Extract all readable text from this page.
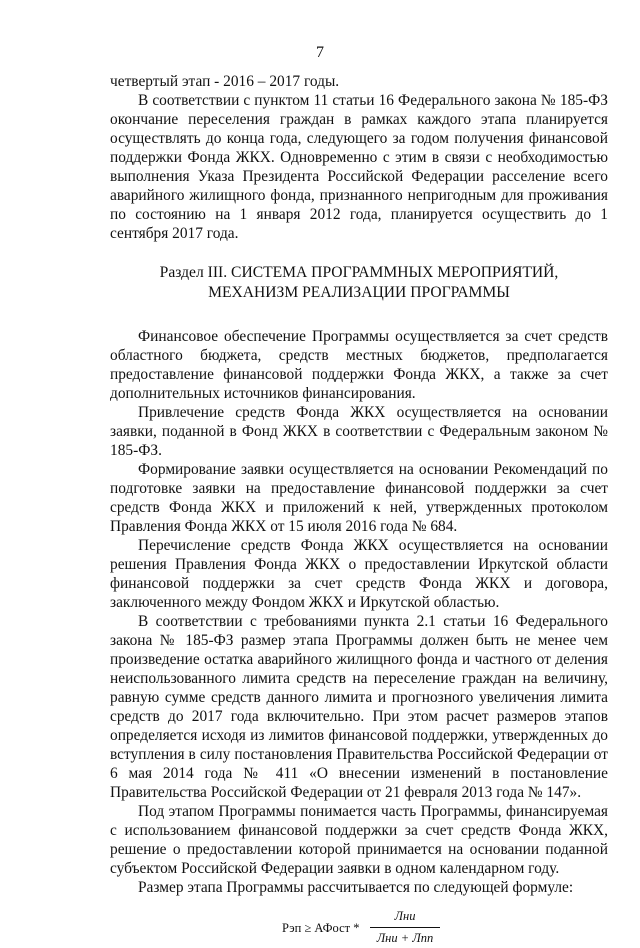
7

четвертый этап - 2016 – 2017 годы.

В соответствии с пунктом 11 статьи 16 Федерального закона № 185-ФЗ окончание переселения граждан в рамках каждого этапа планируется осуществлять до конца года, следующего за годом получения финансовой поддержки Фонда ЖКХ. Одновременно с этим в связи с необходимостью выполнения Указа Президента Российской Федерации расселение всего аварийного жилищного фонда, признанного непригодным для проживания по состоянию на 1 января 2012 года, планируется осуществить до 1 сентября 2017 года.

Раздел III. СИСТЕМА ПРОГРАММНЫХ МЕРОПРИЯТИЙ, МЕХАНИЗМ РЕАЛИЗАЦИИ ПРОГРАММЫ

Финансовое обеспечение Программы осуществляется за счет средств областного бюджета, средств местных бюджетов, предполагается предоставление финансовой поддержки Фонда ЖКХ, а также за счет дополнительных источников финансирования.

Привлечение средств Фонда ЖКХ осуществляется на основании заявки, поданной в Фонд ЖКХ в соответствии с Федеральным законом № 185-ФЗ.

Формирование заявки осуществляется на основании Рекомендаций по подготовке заявки на предоставление финансовой поддержки за счет средств Фонда ЖКХ и приложений к ней, утвержденных протоколом Правления Фонда ЖКХ от 15 июля 2016 года № 684.

Перечисление средств Фонда ЖКХ осуществляется на основании решения Правления Фонда ЖКХ о предоставлении Иркутской области финансовой поддержки за счет средств Фонда ЖКХ и договора, заключенного между Фондом ЖКХ и Иркутской областью.

В соответствии с требованиями пункта 2.1 статьи 16 Федерального закона № 185-ФЗ размер этапа Программы должен быть не менее чем произведение остатка аварийного жилищного фонда и частного от деления неиспользованного лимита средств на переселение граждан на величину, равную сумме средств данного лимита и прогнозного увеличения лимита средств до 2017 года включительно. При этом расчет размеров этапов определяется исходя из лимитов финансовой поддержки, утвержденных до вступления в силу постановления Правительства Российской Федерации от 6 мая 2014 года № 411 «О внесении изменений в постановление Правительства Российской Федерации от 21 февраля 2013 года № 147».

Под этапом Программы понимается часть Программы, финансируемая с использованием финансовой поддержки за счет средств Фонда ЖКХ, решение о предоставлении которой принимается на основании поданной субъектом Российской Федерации заявки в одном календарном году.

Размер этапа Программы рассчитывается по следующей формуле:

Рэп ≥ АФост *
Лни
Лни + Лпп
